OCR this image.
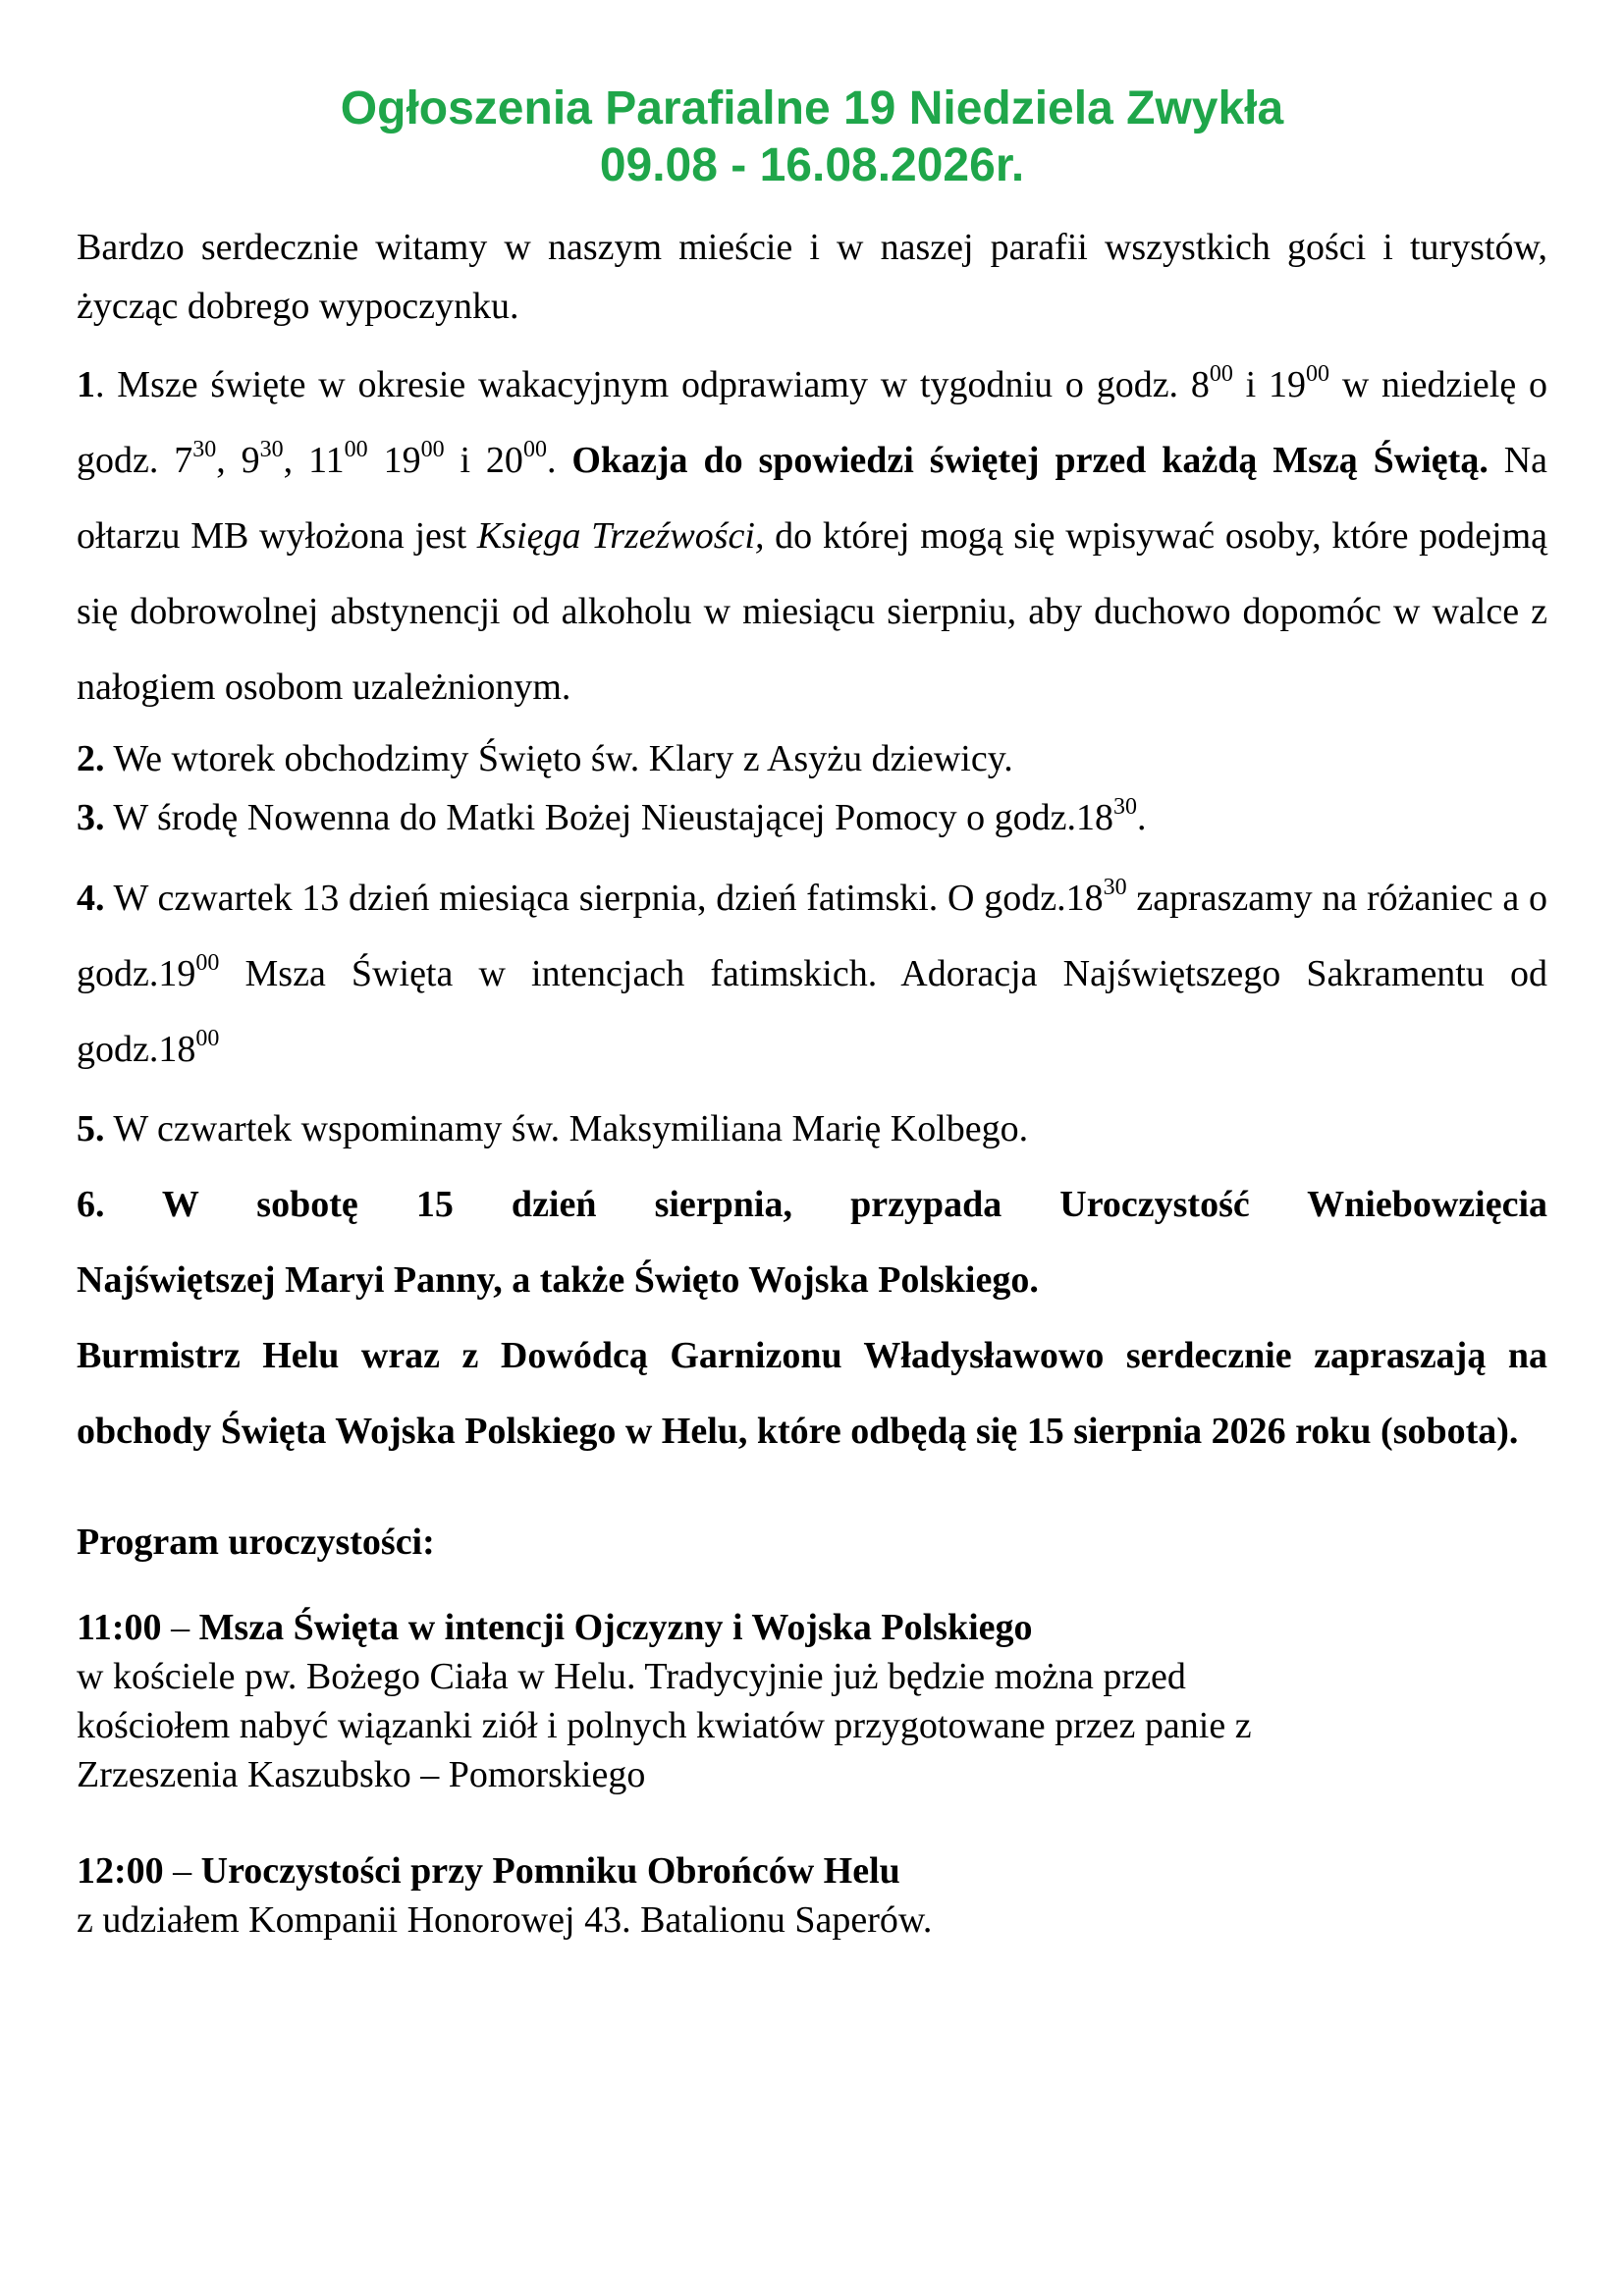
Ogłoszenia Parafialne 19 Niedziela Zwykła
09.08 - 16.08.2026r.

Bardzo serdecznie witamy w naszym mieście i w naszej parafii wszystkich gości i turystów, życząc dobrego wypoczynku.

1. Msze święte w okresie wakacyjnym odprawiamy w tygodniu o godz. $8^{00}$ i $19^{00}$ w niedzielę o godz. $7^{30}$, $9^{30}$, $11^{00}$ $19^{00}$ i $20^{00}$. Okazja do spowiedzi świętej przed każdą Mszą Świętą. Na ołtarzu MB wyłożona jest Księga Trzeźwości, do której mogą się wpisywać osoby, które podejmą się dobrowolnej abstynencji od alkoholu w miesiącu sierpniu, aby duchowo dopomóc w walce z nałogiem osobom uzależnionym.

2. We wtorek obchodzimy Święto św. Klary z Asyżu dziewicy.

3. W środę Nowenna do Matki Bożej Nieustającej Pomocy o $godz.18^{30}$.

4. W czwartek 13 dzień miesiąca sierpnia, dzień fatimski. O $godz.18^{30}$ zapraszamy na różaniec a o $godz.19^{00}$ Msza Święta w intencjach fatimskich. Adoracja Najświętszego Sakramentu od $godz.18^{00}$

5. W czwartek wspominamy św. Maksymiliana Marię Kolbego.

6. W sobotę 15 dzień sierpnia, przypada Uroczystość Wniebowzięcia

Najświętszej Maryi Panny, a także Święto Wojska Polskiego.

Burmistrz Helu wraz z Dowódcą Garnizonu Władysławowo serdecznie zapraszają na obchody Święta Wojska Polskiego w Helu, które odbędą się 15 sierpnia 2026 roku (sobota).

Program uroczystości:

11:00 – Msza Święta w intencji Ojczyzny i Wojska Polskiego
w kościele pw. Bożego Ciała w Helu. Tradycyjnie już będzie można przed
kościołem nabyć wiązanki ziół i polnych kwiatów przygotowane przez panie z
Zrzeszenia Kaszubsko – Pomorskiego
12:00 – Uroczystości przy Pomniku Obrońców Helu
z udziałem Kompanii Honorowej 43. Batalionu Saperów.
